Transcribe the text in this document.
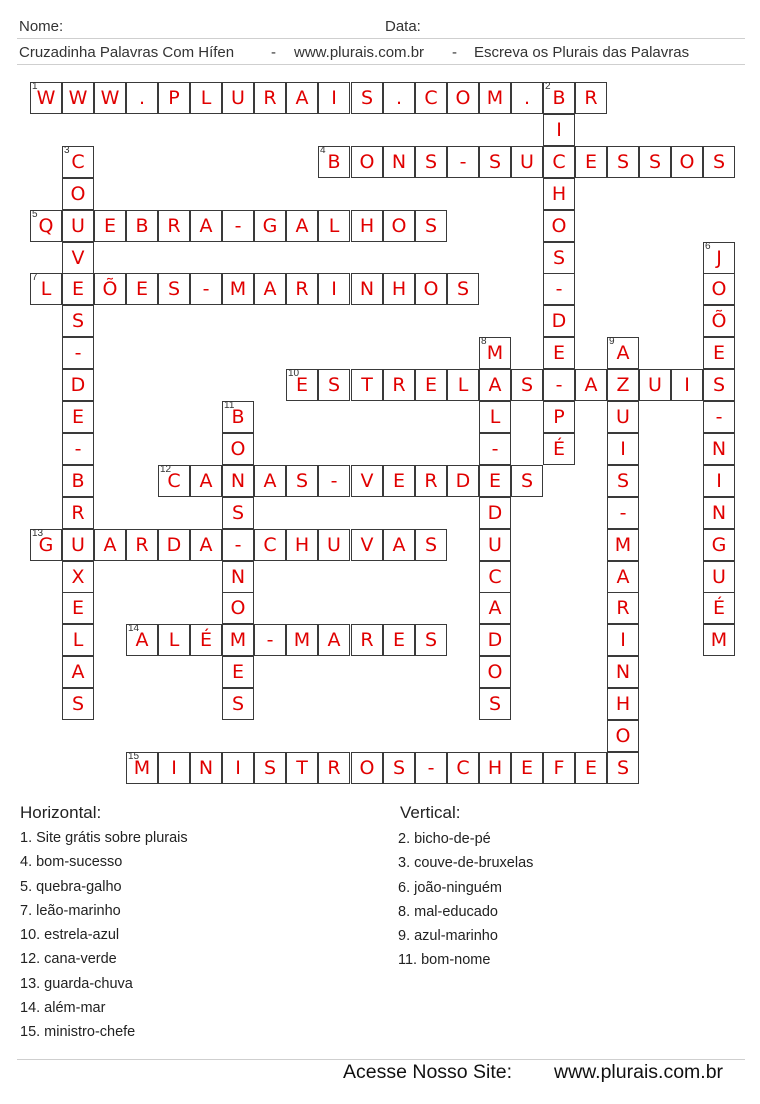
Nome:	Data:
Cruzadinha Palavras Com Hífen - www.plurais.com.br - Escreva os Plurais das Palavras
W
1
W W . P L U R A I S . C O M . B
2
R
I
C
H
O
S
-
D
E
-
P
É
C
3
O
U
V
E
S
-
D
E
-
B
R
U
X
E
L
A
S
B
4
O N S - S U	E S S O S
Q
5
E B R A - G A L H O S
J
6
O
Õ
E
S
-
N
I
N
G
U
É
M
L
7
Õ E S - M A R I N H O S
M
8
A
L
-
E
D
U
C
A
D
O
S
A
9
Z
U
I
S
-
M
A
R
I
N
H
O
S
E
10
S T R E L	S	A	U I
B
11
O
N
S
-
N
O
M
E
S
C
12
A	A S - V E R D	S
G
13
A R D A	C H U V A S
A
14
L É	- M A R E S
M
15
I N I S T R O S - C H E F E
Horizontal:
1. Site grátis sobre plurais
4. bom-sucesso
5. quebra-galho
7. leão-marinho
10. estrela-azul
12. cana-verde
13. guarda-chuva
14. além-mar
15. ministro-chefe
Vertical:
2. bicho-de-pé
3. couve-de-bruxelas
6. joão-ninguém
8. mal-educado
9. azul-marinho
11. bom-nome
Acesse Nosso Site: www.plurais.com.br
